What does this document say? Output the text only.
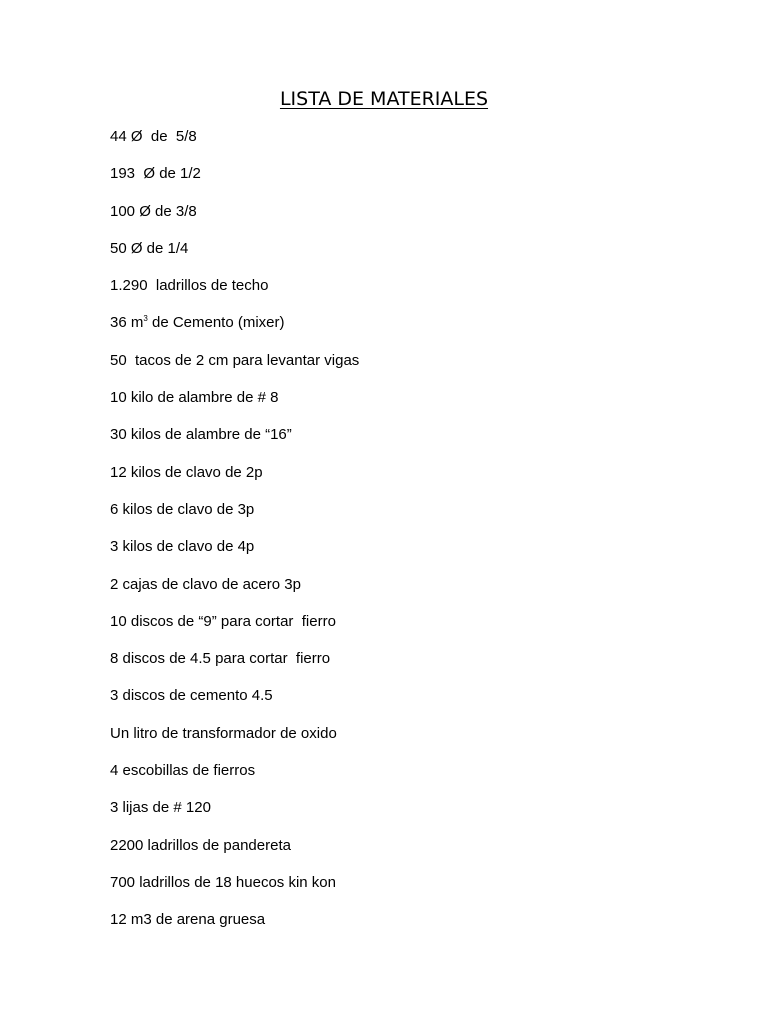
LISTA DE MATERIALES
44 Ø  de  5/8
193  Ø de 1/2
100 Ø de 3/8
50 Ø de 1/4
1.290  ladrillos de techo
36 $m^3$ de Cemento (mixer)
50  tacos de 2 cm para levantar vigas
10 kilo de alambre de # 8
30 kilos de alambre de “16”
12 kilos de clavo de 2p
6 kilos de clavo de 3p
3 kilos de clavo de 4p
2 cajas de clavo de acero 3p
10 discos de “9” para cortar  fierro
8 discos de 4.5 para cortar  fierro
3 discos de cemento 4.5
Un litro de transformador de oxido
4 escobillas de fierros
3 lijas de # 120
2200 ladrillos de pandereta
700 ladrillos de 18 huecos kin kon
12 m3 de arena gruesa
